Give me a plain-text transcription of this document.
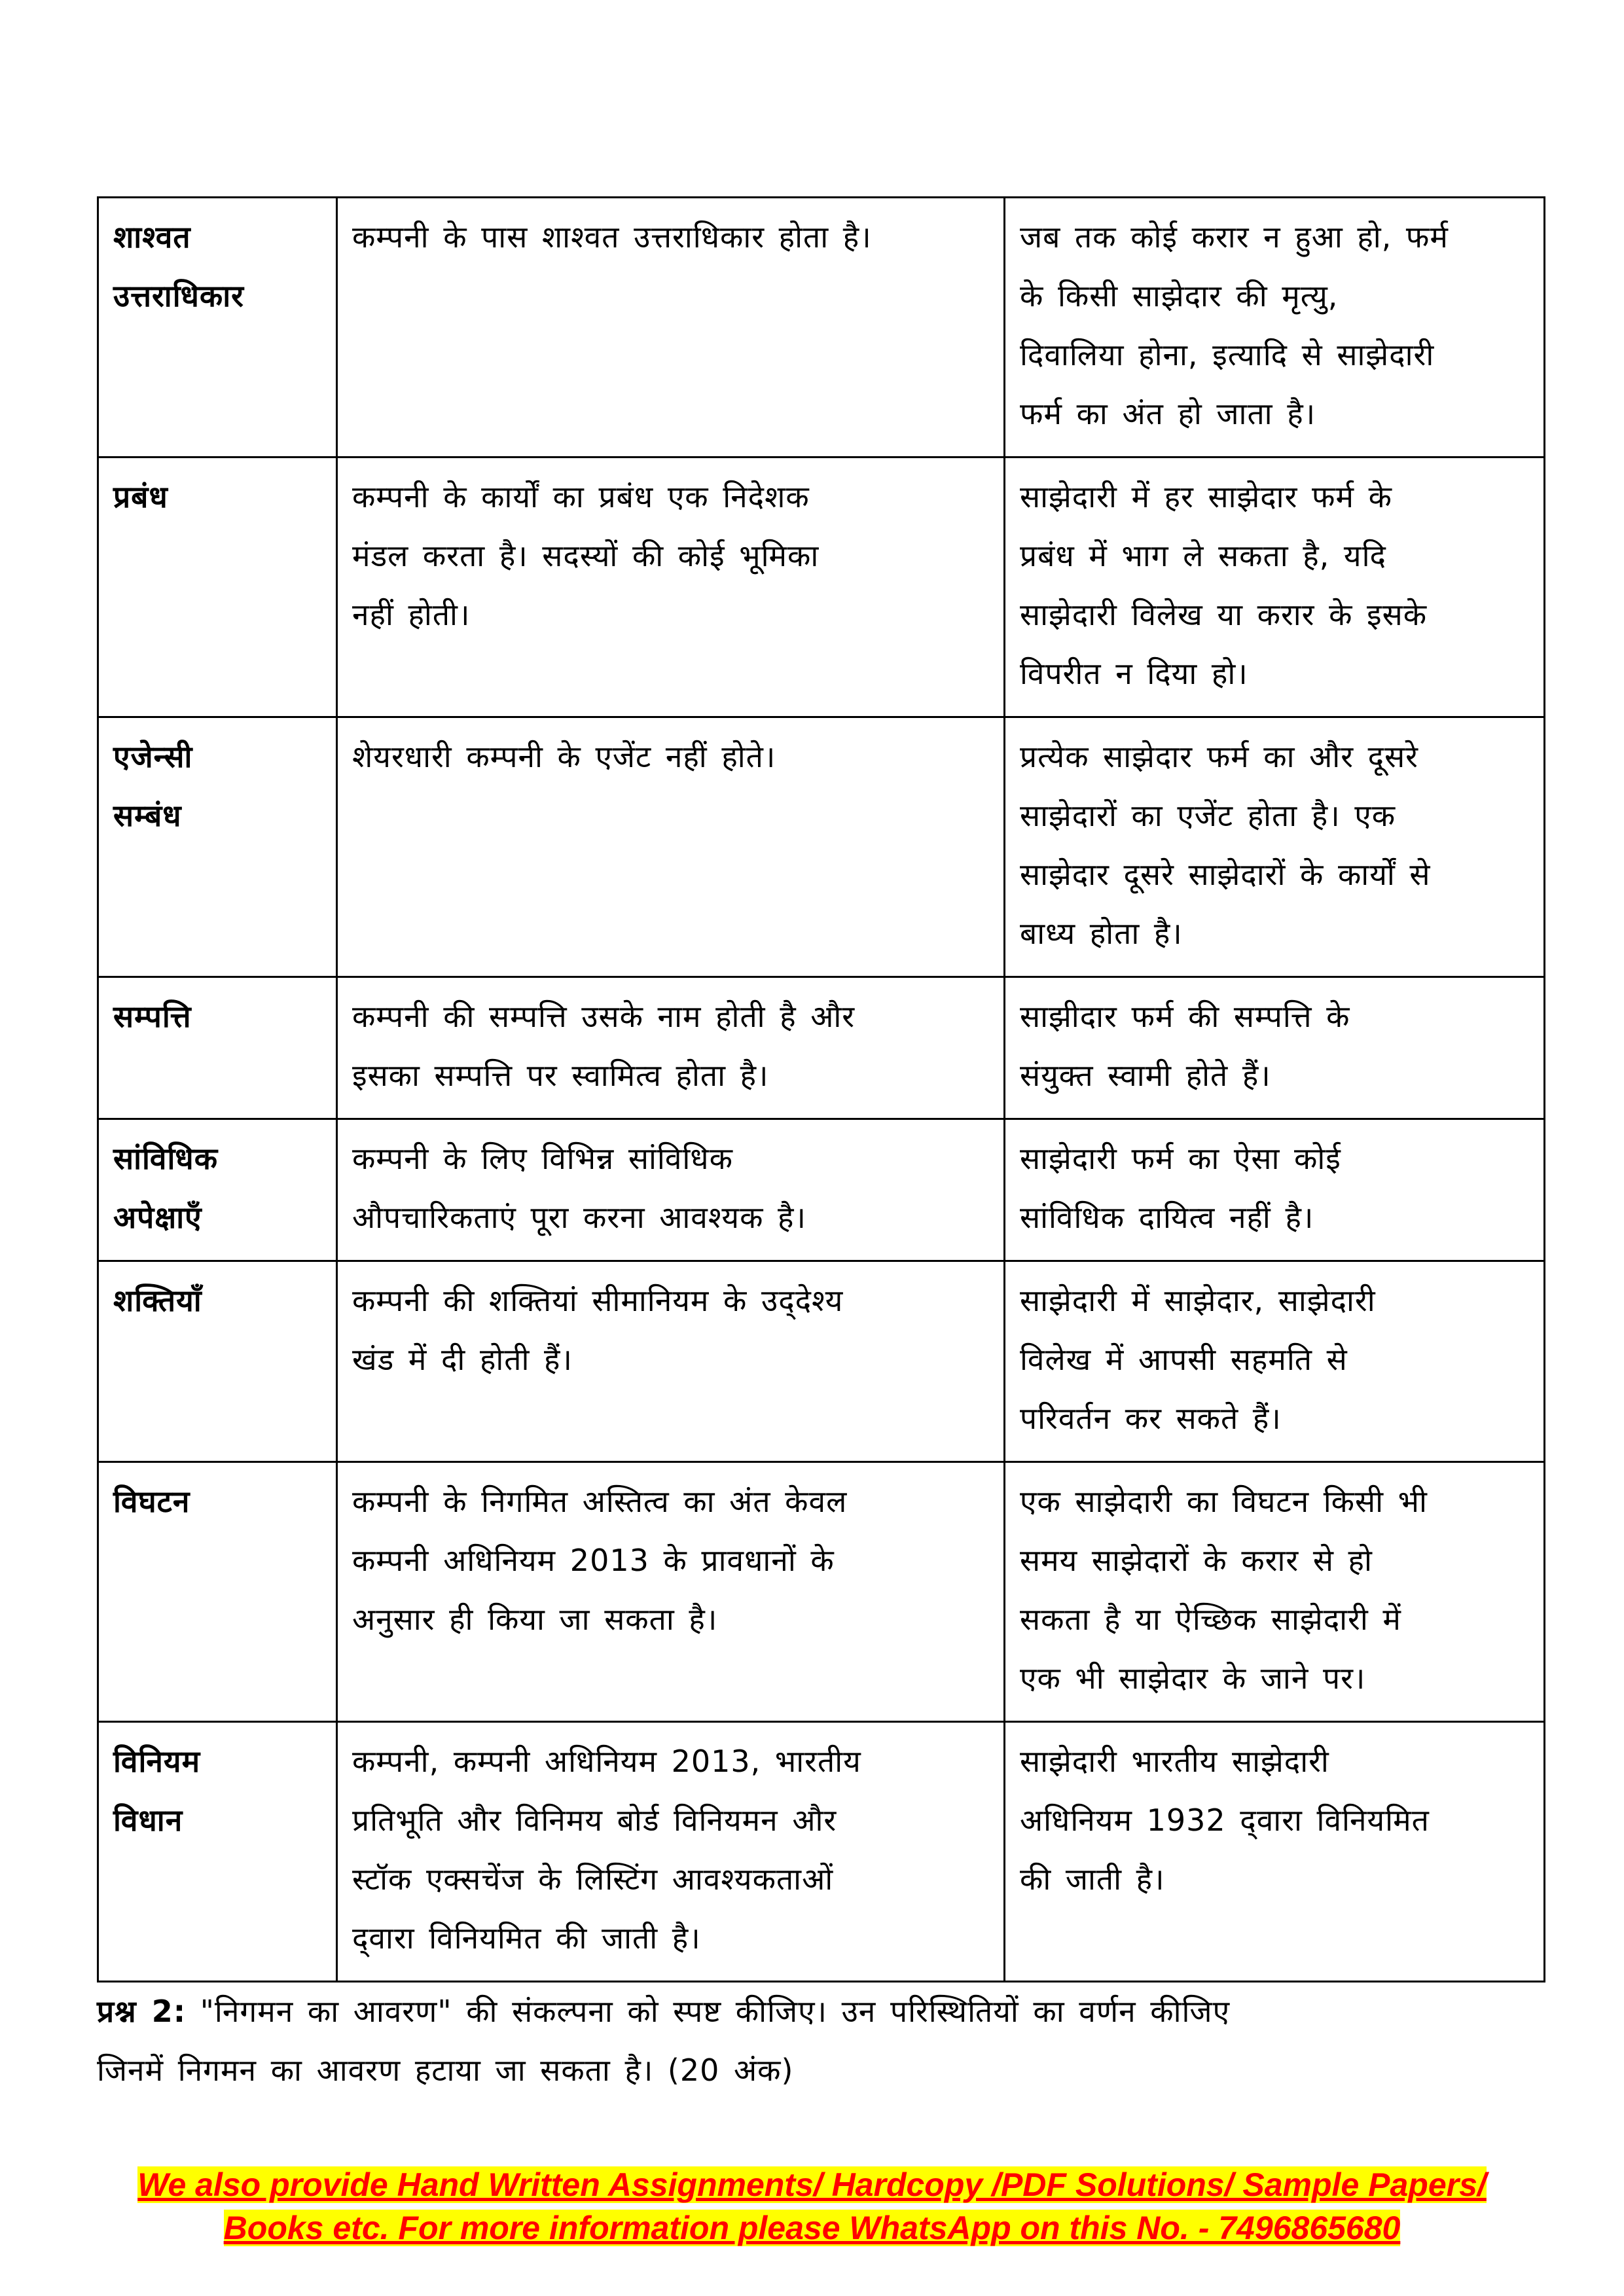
शाश्वत
उत्तराधिकार	कम्पनी के पास शाश्वत उत्तराधिकार होता है।	जब तक कोई करार न हुआ हो, फर्म
के किसी साझेदार की मृत्यु,
दिवालिया होना, इत्यादि से साझेदारी
फर्म का अंत हो जाता है।

प्रबंध	कम्पनी के कार्यों का प्रबंध एक निदेशक
मंडल करता है। सदस्यों की कोई भूमिका
नहीं होती।	साझेदारी में हर साझेदार फर्म के
प्रबंध में भाग ले सकता है, यदि
साझेदारी विलेख या करार के इसके
विपरीत न दिया हो।

एजेन्सी
सम्बंध	शेयरधारी कम्पनी के एजेंट नहीं होते।	प्रत्येक साझेदार फर्म का और दूसरे
साझेदारों का एजेंट होता है। एक
साझेदार दूसरे साझेदारों के कार्यों से
बाध्य होता है।

सम्पत्ति	कम्पनी की सम्पत्ति उसके नाम होती है और
इसका सम्पत्ति पर स्वामित्व होता है।	साझीदार फर्म की सम्पत्ति के
संयुक्त स्वामी होते हैं।

सांविधिक
अपेक्षाएँ	कम्पनी के लिए विभिन्न सांविधिक
औपचारिकताएं पूरा करना आवश्यक है।	साझेदारी फर्म का ऐसा कोई
सांविधिक दायित्व नहीं है।

शक्तियाँ	कम्पनी की शक्तियां सीमानियम के उद्‌देश्य
खंड में दी होती हैं।	साझेदारी में साझेदार, साझेदारी
विलेख में आपसी सहमति से
परिवर्तन कर सकते हैं।

विघटन	कम्पनी के निगमित अस्तित्व का अंत केवल
कम्पनी अधिनियम 2013 के प्रावधानों के
अनुसार ही किया जा सकता है।	एक साझेदारी का विघटन किसी भी
समय साझेदारों के करार से हो
सकता है या ऐच्छिक साझेदारी में
एक भी साझेदार के जाने पर।

विनियम
विधान	कम्पनी, कम्पनी अधिनियम 2013, भारतीय
प्रतिभूति और विनिमय बोर्ड विनियमन और
स्टॉक एक्सचेंज के लिस्टिंग आवश्यकताओं
द्‌वारा विनियमित की जाती है।	साझेदारी भारतीय साझेदारी
अधिनियम 1932 द्‌वारा विनियमित
की जाती है।
प्रश्न 2: "निगमन का आवरण" की संकल्पना को स्पष्ट कीजिए। उन परिस्थितियों का वर्णन कीजिए
जिनमें निगमन का आवरण हटाया जा सकता है। (20 अंक)
We also provide Hand Written Assignments/ Hardcopy /PDF Solutions/ Sample Papers/
Books etc. For more information please WhatsApp on this No. - 7496865680
